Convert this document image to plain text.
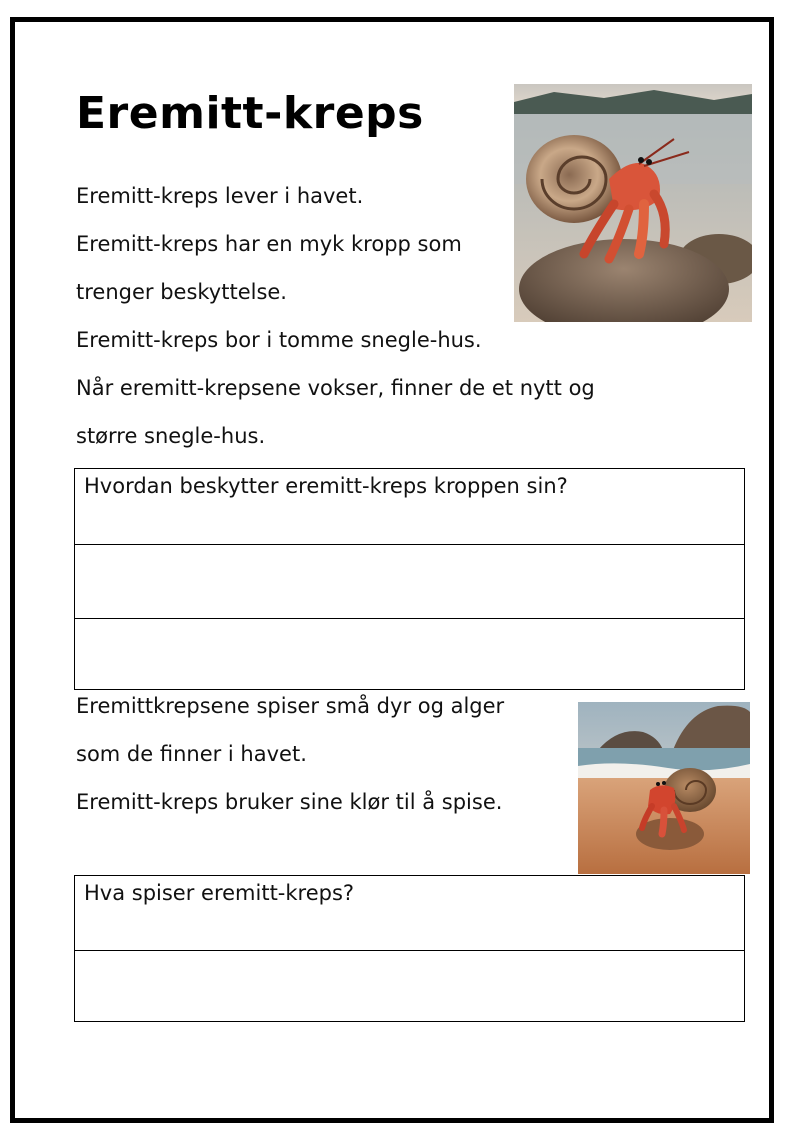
Eremitt-kreps

Eremitt-kreps lever i havet.

Eremitt-kreps har en myk kropp som

trenger beskyttelse.

Eremitt-kreps bor i tomme snegle-hus.

Når eremitt-krepsene vokser, finner de et nytt og

større snegle-hus.

Hvordan beskytter eremitt-kreps kroppen sin?

Eremittkrepsene spiser små dyr og alger

som de finner i havet.

Eremitt-kreps bruker sine klør til å spise.

Hva spiser eremitt-kreps?
